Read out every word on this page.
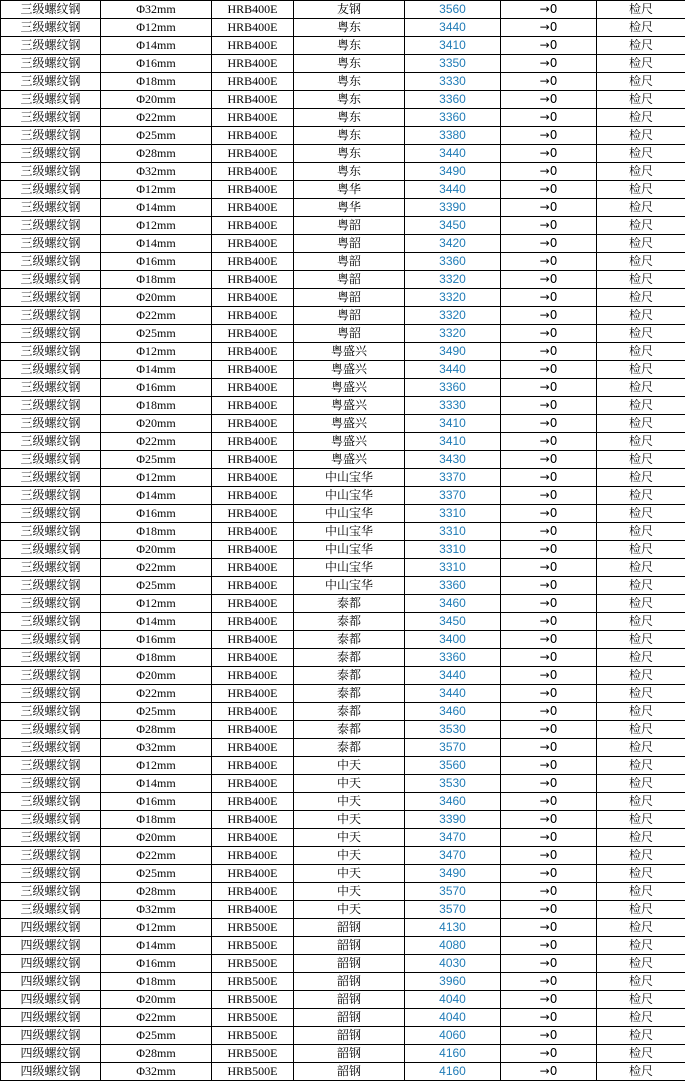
三级螺纹钢	Φ32mm	HRB400E	友钢	3560	→0	检尺
三级螺纹钢	Φ12mm	HRB400E	粤东	3440	→0	检尺
三级螺纹钢	Φ14mm	HRB400E	粤东	3410	→0	检尺
三级螺纹钢	Φ16mm	HRB400E	粤东	3350	→0	检尺
三级螺纹钢	Φ18mm	HRB400E	粤东	3330	→0	检尺
三级螺纹钢	Φ20mm	HRB400E	粤东	3360	→0	检尺
三级螺纹钢	Φ22mm	HRB400E	粤东	3360	→0	检尺
三级螺纹钢	Φ25mm	HRB400E	粤东	3380	→0	检尺
三级螺纹钢	Φ28mm	HRB400E	粤东	3440	→0	检尺
三级螺纹钢	Φ32mm	HRB400E	粤东	3490	→0	检尺
三级螺纹钢	Φ12mm	HRB400E	粤华	3440	→0	检尺
三级螺纹钢	Φ14mm	HRB400E	粤华	3390	→0	检尺
三级螺纹钢	Φ12mm	HRB400E	粤韶	3450	→0	检尺
三级螺纹钢	Φ14mm	HRB400E	粤韶	3420	→0	检尺
三级螺纹钢	Φ16mm	HRB400E	粤韶	3360	→0	检尺
三级螺纹钢	Φ18mm	HRB400E	粤韶	3320	→0	检尺
三级螺纹钢	Φ20mm	HRB400E	粤韶	3320	→0	检尺
三级螺纹钢	Φ22mm	HRB400E	粤韶	3320	→0	检尺
三级螺纹钢	Φ25mm	HRB400E	粤韶	3320	→0	检尺
三级螺纹钢	Φ12mm	HRB400E	粤盛兴	3490	→0	检尺
三级螺纹钢	Φ14mm	HRB400E	粤盛兴	3440	→0	检尺
三级螺纹钢	Φ16mm	HRB400E	粤盛兴	3360	→0	检尺
三级螺纹钢	Φ18mm	HRB400E	粤盛兴	3330	→0	检尺
三级螺纹钢	Φ20mm	HRB400E	粤盛兴	3410	→0	检尺
三级螺纹钢	Φ22mm	HRB400E	粤盛兴	3410	→0	检尺
三级螺纹钢	Φ25mm	HRB400E	粤盛兴	3430	→0	检尺
三级螺纹钢	Φ12mm	HRB400E	中山宝华	3370	→0	检尺
三级螺纹钢	Φ14mm	HRB400E	中山宝华	3370	→0	检尺
三级螺纹钢	Φ16mm	HRB400E	中山宝华	3310	→0	检尺
三级螺纹钢	Φ18mm	HRB400E	中山宝华	3310	→0	检尺
三级螺纹钢	Φ20mm	HRB400E	中山宝华	3310	→0	检尺
三级螺纹钢	Φ22mm	HRB400E	中山宝华	3310	→0	检尺
三级螺纹钢	Φ25mm	HRB400E	中山宝华	3360	→0	检尺
三级螺纹钢	Φ12mm	HRB400E	泰都	3460	→0	检尺
三级螺纹钢	Φ14mm	HRB400E	泰都	3450	→0	检尺
三级螺纹钢	Φ16mm	HRB400E	泰都	3400	→0	检尺
三级螺纹钢	Φ18mm	HRB400E	泰都	3360	→0	检尺
三级螺纹钢	Φ20mm	HRB400E	泰都	3440	→0	检尺
三级螺纹钢	Φ22mm	HRB400E	泰都	3440	→0	检尺
三级螺纹钢	Φ25mm	HRB400E	泰都	3460	→0	检尺
三级螺纹钢	Φ28mm	HRB400E	泰都	3530	→0	检尺
三级螺纹钢	Φ32mm	HRB400E	泰都	3570	→0	检尺
三级螺纹钢	Φ12mm	HRB400E	中天	3560	→0	检尺
三级螺纹钢	Φ14mm	HRB400E	中天	3530	→0	检尺
三级螺纹钢	Φ16mm	HRB400E	中天	3460	→0	检尺
三级螺纹钢	Φ18mm	HRB400E	中天	3390	→0	检尺
三级螺纹钢	Φ20mm	HRB400E	中天	3470	→0	检尺
三级螺纹钢	Φ22mm	HRB400E	中天	3470	→0	检尺
三级螺纹钢	Φ25mm	HRB400E	中天	3490	→0	检尺
三级螺纹钢	Φ28mm	HRB400E	中天	3570	→0	检尺
三级螺纹钢	Φ32mm	HRB400E	中天	3570	→0	检尺
四级螺纹钢	Φ12mm	HRB500E	韶钢	4130	→0	检尺
四级螺纹钢	Φ14mm	HRB500E	韶钢	4080	→0	检尺
四级螺纹钢	Φ16mm	HRB500E	韶钢	4030	→0	检尺
四级螺纹钢	Φ18mm	HRB500E	韶钢	3960	→0	检尺
四级螺纹钢	Φ20mm	HRB500E	韶钢	4040	→0	检尺
四级螺纹钢	Φ22mm	HRB500E	韶钢	4040	→0	检尺
四级螺纹钢	Φ25mm	HRB500E	韶钢	4060	→0	检尺
四级螺纹钢	Φ28mm	HRB500E	韶钢	4160	→0	检尺
四级螺纹钢	Φ32mm	HRB500E	韶钢	4160	→0	检尺
